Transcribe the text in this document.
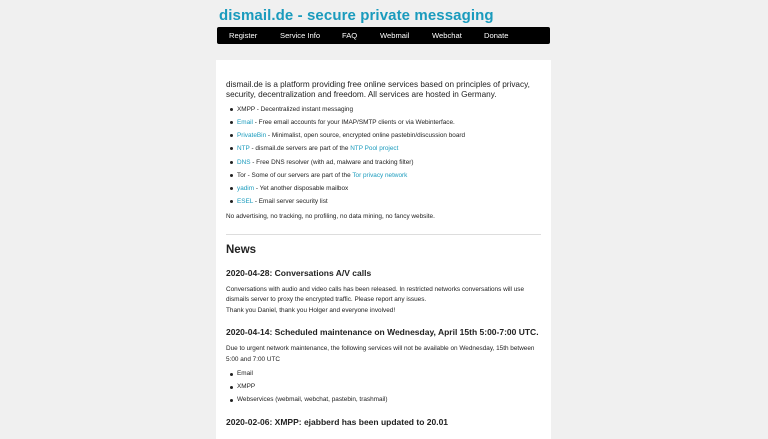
dismail.de - secure private messaging
Register	Service Info	FAQ	Webmail	Webchat	Donate

dismail.de is a platform providing free online services based on principles of privacy, security, decentralization and freedom. All services are hosted in Germany.

XMPP - Decentralized instant messaging
Email - Free email accounts for your IMAP/SMTP clients or via Webinterface.
PrivateBin - Minimalist, open source, encrypted online pastebin/discussion board
NTP - dismail.de servers are part of the NTP Pool project
DNS - Free DNS resolver (with ad, malware and tracking filter)
Tor - Some of our servers are part of the Tor privacy network
yadim - Yet another disposable mailbox
ESEL - Email server security list

No advertising, no tracking, no profiling, no data mining, no fancy website.

News
2020-04-28: Conversations A/V calls

Conversations with audio and video calls has been released. In restricted networks conversations will use dismails server to proxy the encrypted traffic. Please report any issues.

Thank you Daniel, thank you Holger and everyone involved!

2020-04-14: Scheduled maintenance on Wednesday, April 15th 5:00-7:00 UTC.

Due to urgent network maintenance, the following services will not be available on Wednesday, 15th between 5:00 and 7:00 UTC

Email
XMPP
Webservices (webmail, webchat, pastebin, trashmail)
2020-02-06: XMPP: ejabberd has been updated to 20.01
